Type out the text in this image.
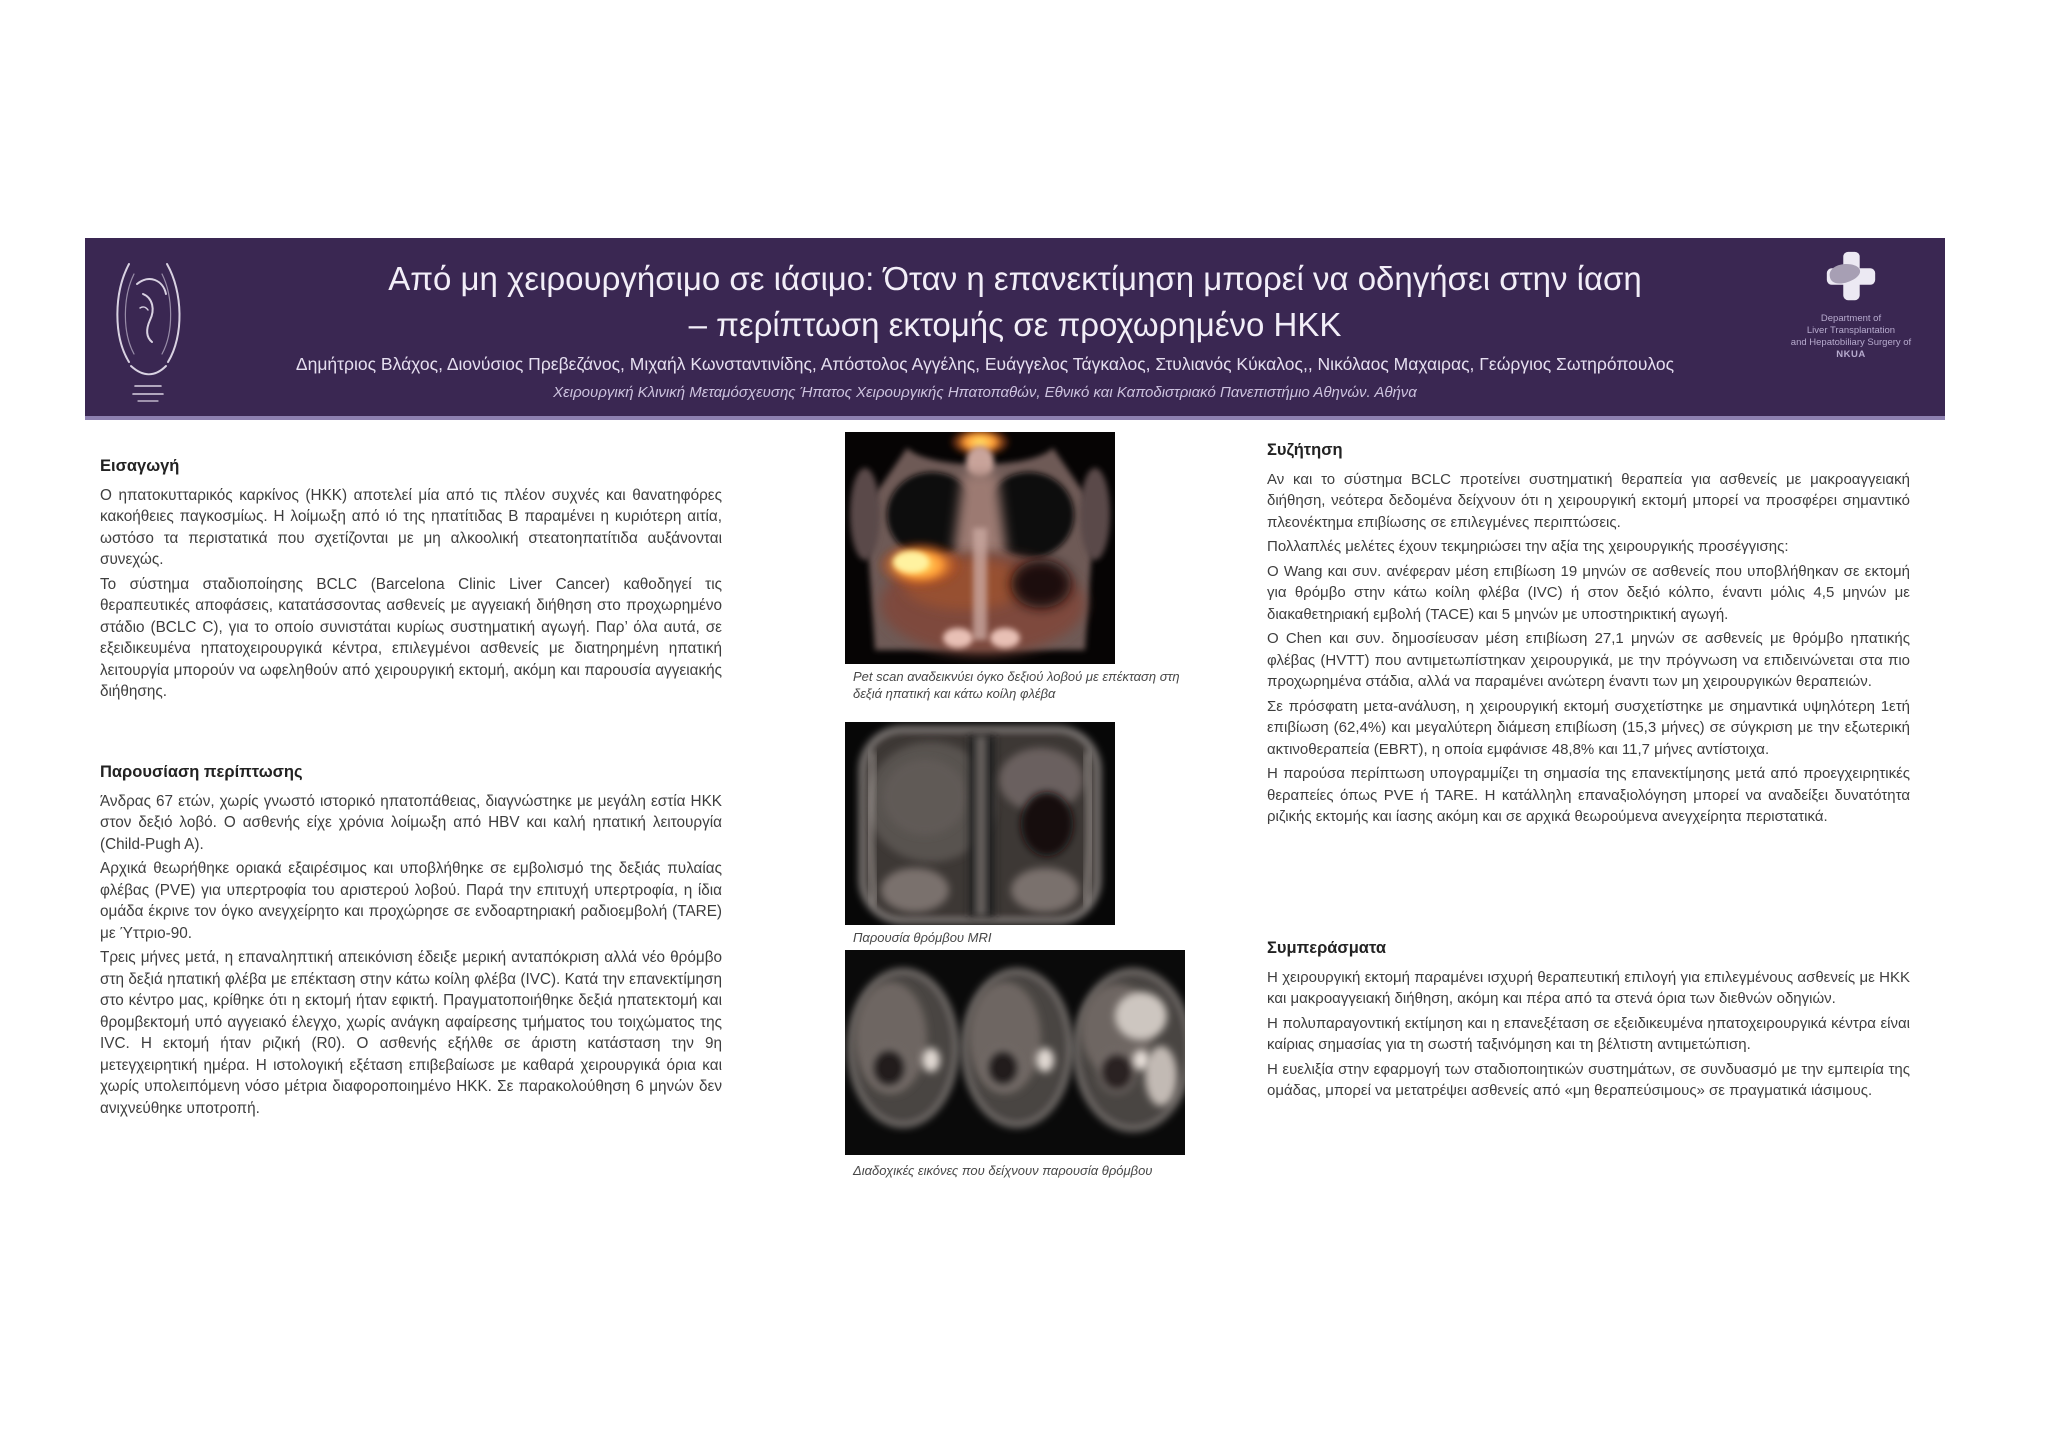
Από μη χειρουργήσιμο σε ιάσιμο: Όταν η επανεκτίμηση μπορεί να οδηγήσει στην ίαση
– περίπτωση εκτομής σε προχωρημένο ΗΚΚ
Δημήτριος Βλάχος, Διονύσιος Πρεβεζάνος, Μιχαήλ Κωνσταντινίδης, Απόστολος Αγγέλης, Ευάγγελος Τάγκαλος, Στυλιανός Κύκαλος,, Νικόλαος Μαχαιρας, Γεώργιος Σωτηρόπουλος
Χειρουργική Κλινική Μεταμόσχευσης Ήπατος Χειρουργικής Ηπατοπαθών, Εθνικό και Καποδιστριακό Πανεπιστήμιο Αθηνών. Αθήνα
Department of
Liver Transplantation
and Hepatobiliary Surgery of
NKUA
Εισαγωγή

Ο ηπατοκυτταρικός καρκίνος (ΗΚΚ) αποτελεί μία από τις πλέον συχνές και θανατηφόρες κακοήθειες παγκοσμίως. Η λοίμωξη από ιό της ηπατίτιδας Β παραμένει η κυριότερη αιτία, ωστόσο τα περιστατικά που σχετίζονται με μη αλκοολική στεατοηπατίτιδα αυξάνονται συνεχώς.

Το σύστημα σταδιοποίησης BCLC (Barcelona Clinic Liver Cancer) καθοδηγεί τις θεραπευτικές αποφάσεις, κατατάσσοντας ασθενείς με αγγειακή διήθηση στο προχωρημένο στάδιο (BCLC C), για το οποίο συνιστάται κυρίως συστηματική αγωγή. Παρ’ όλα αυτά, σε εξειδικευμένα ηπατοχειρουργικά κέντρα, επιλεγμένοι ασθενείς με διατηρημένη ηπατική λειτουργία μπορούν να ωφεληθούν από χειρουργική εκτομή, ακόμη και παρουσία αγγειακής διήθησης.

Παρουσίαση περίπτωσης

Άνδρας 67 ετών, χωρίς γνωστό ιστορικό ηπατοπάθειας, διαγνώστηκε με μεγάλη εστία ΗΚΚ στον δεξιό λοβό. Ο ασθενής είχε χρόνια λοίμωξη από HBV και καλή ηπατική λειτουργία (Child-Pugh A).

Αρχικά θεωρήθηκε οριακά εξαιρέσιμος και υποβλήθηκε σε εμβολισμό της δεξιάς πυλαίας φλέβας (PVE) για υπερτροφία του αριστερού λοβού. Παρά την επιτυχή υπερτροφία, η ίδια ομάδα έκρινε τον όγκο ανεγχείρητο και προχώρησε σε ενδοαρτηριακή ραδιοεμβολή (TARE) με Ύττριο-90.

Τρεις μήνες μετά, η επαναληπτική απεικόνιση έδειξε μερική ανταπόκριση αλλά νέο θρόμβο στη δεξιά ηπατική φλέβα με επέκταση στην κάτω κοίλη φλέβα (IVC). Κατά την επανεκτίμηση στο κέντρο μας, κρίθηκε ότι η εκτομή ήταν εφικτή. Πραγματοποιήθηκε δεξιά ηπατεκτομή και θρομβεκτομή υπό αγγειακό έλεγχο, χωρίς ανάγκη αφαίρεσης τμήματος του τοιχώματος της IVC. Η εκτομή ήταν ριζική (R0). Ο ασθενής εξήλθε σε άριστη κατάσταση την 9η μετεγχειρητική ημέρα. Η ιστολογική εξέταση επιβεβαίωσε με καθαρά χειρουργικά όρια και χωρίς υπολειπόμενη νόσο μέτρια διαφοροποιημένο ΗΚΚ. Σε παρακολούθηση 6 μηνών δεν ανιχνεύθηκε υποτροπή.

Pet scan αναδεικνύει όγκο δεξιού λοβού με επέκταση στη δεξιά ηπατική και κάτω κοίλη φλέβα
Παρουσία θρόμβου MRI
Διαδοχικές εικόνες που δείχνουν παρουσία θρόμβου
Συζήτηση

Αν και το σύστημα BCLC προτείνει συστηματική θεραπεία για ασθενείς με μακροαγγειακή διήθηση, νεότερα δεδομένα δείχνουν ότι η χειρουργική εκτομή μπορεί να προσφέρει σημαντικό πλεονέκτημα επιβίωσης σε επιλεγμένες περιπτώσεις.

Πολλαπλές μελέτες έχουν τεκμηριώσει την αξία της χειρουργικής προσέγγισης:

Ο Wang και συν. ανέφεραν μέση επιβίωση 19 μηνών σε ασθενείς που υποβλήθηκαν σε εκτομή για θρόμβο στην κάτω κοίλη φλέβα (IVC) ή στον δεξιό κόλπο, έναντι μόλις 4,5 μηνών με διακαθετηριακή εμβολή (TACE) και 5 μηνών με υποστηρικτική αγωγή.

Ο Chen και συν. δημοσίευσαν μέση επιβίωση 27,1 μηνών σε ασθενείς με θρόμβο ηπατικής φλέβας (HVTT) που αντιμετωπίστηκαν χειρουργικά, με την πρόγνωση να επιδεινώνεται στα πιο προχωρημένα στάδια, αλλά να παραμένει ανώτερη έναντι των μη χειρουργικών θεραπειών.

Σε πρόσφατη μετα-ανάλυση, η χειρουργική εκτομή συσχετίστηκε με σημαντικά υψηλότερη 1ετή επιβίωση (62,4%) και μεγαλύτερη διάμεση επιβίωση (15,3 μήνες) σε σύγκριση με την εξωτερική ακτινοθεραπεία (EBRT), η οποία εμφάνισε 48,8% και 11,7 μήνες αντίστοιχα.

Η παρούσα περίπτωση υπογραμμίζει τη σημασία της επανεκτίμησης μετά από προεγχειρητικές θεραπείες όπως PVE ή TARE. Η κατάλληλη επαναξιολόγηση μπορεί να αναδείξει δυνατότητα ριζικής εκτομής και ίασης ακόμη και σε αρχικά θεωρούμενα ανεγχείρητα περιστατικά.

Συμπεράσματα

Η χειρουργική εκτομή παραμένει ισχυρή θεραπευτική επιλογή για επιλεγμένους ασθενείς με ΗΚΚ και μακροαγγειακή διήθηση, ακόμη και πέρα από τα στενά όρια των διεθνών οδηγιών.

Η πολυπαραγοντική εκτίμηση και η επανεξέταση σε εξειδικευμένα ηπατοχειρουργικά κέντρα είναι καίριας σημασίας για τη σωστή ταξινόμηση και τη βέλτιστη αντιμετώπιση.

Η ευελιξία στην εφαρμογή των σταδιοποιητικών συστημάτων, σε συνδυασμό με την εμπειρία της ομάδας, μπορεί να μετατρέψει ασθενείς από «μη θεραπεύσιμους» σε πραγματικά ιάσιμους.
